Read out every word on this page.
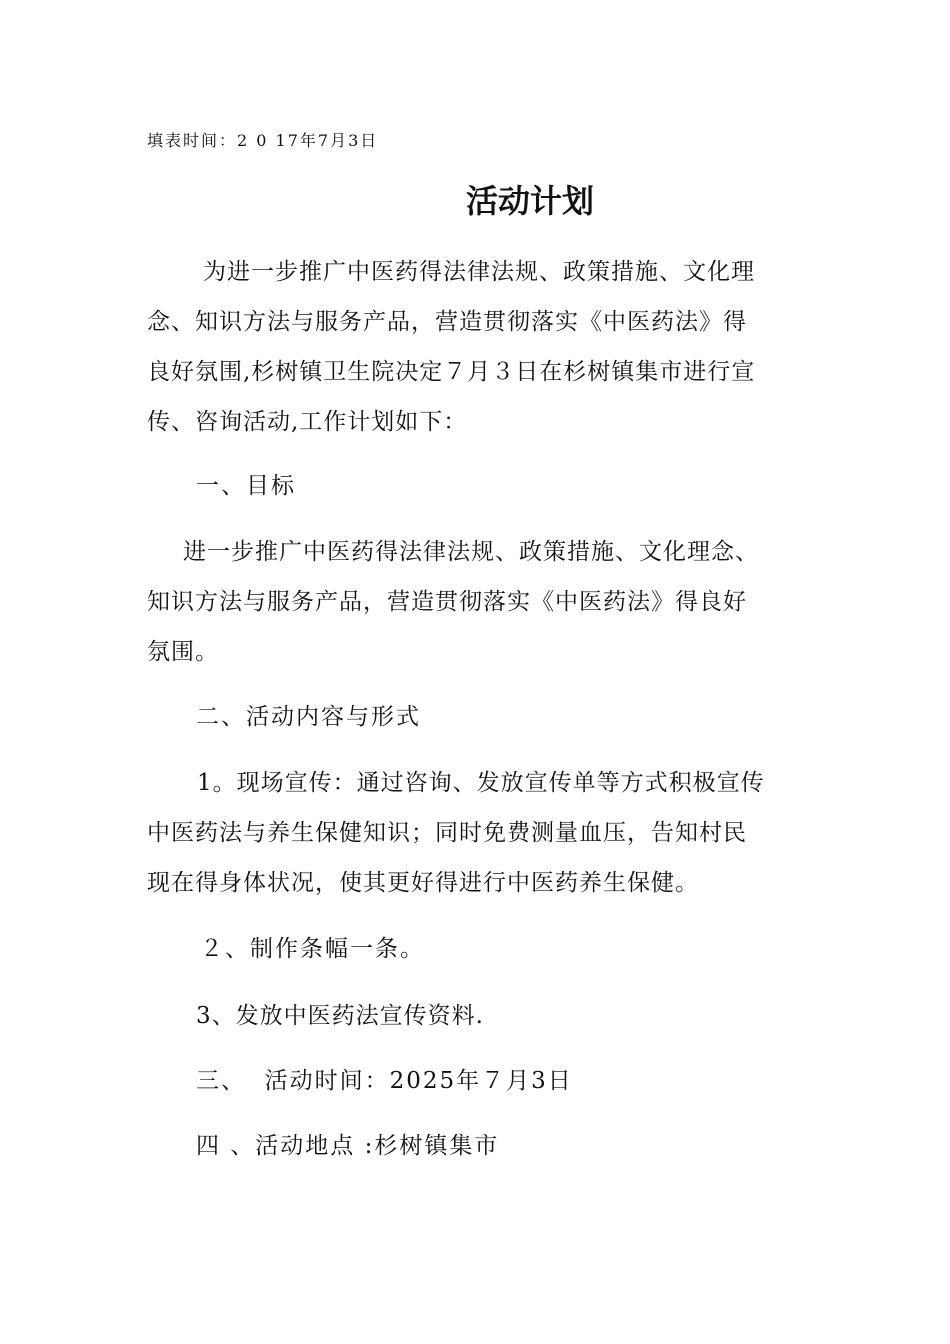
填表时间：2 0 17年7月3日
活动计划
为进一步推广中医药得法律法规、政策措施、文化理
念、知识方法与服务产品，营造贯彻落实《中医药法》得
良好氛围,杉树镇卫生院决定７月３日在杉树镇集市进行宣
传、咨询活动,工作计划如下：
一、目标
进一步推广中医药得法律法规、政策措施、文化理念、
知识方法与服务产品，营造贯彻落实《中医药法》得良好
氛围。
二、活动内容与形式
1。现场宣传：通过咨询、发放宣传单等方式积极宣传
中医药法与养生保健知识；同时免费测量血压，告知村民
现在得身体状况，使其更好得进行中医药养生保健。
２、制作条幅一条。
3、发放中医药法宣传资料.
三、  活动时间：2025年７月3日
四 、活动地点 :杉树镇集市
